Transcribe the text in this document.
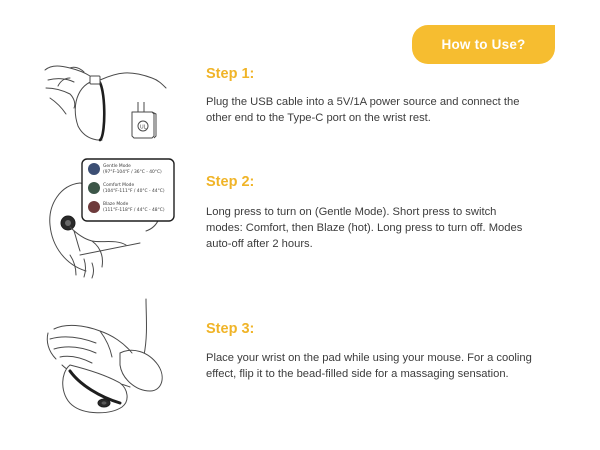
How to Use?
UL
Step 1:

Plug the USB cable into a 5V/1A power source and connect the other end to the Type-C port on the wrist rest.

Gentle Mode
(97°F-104°F / 36°C - 40°C)
Comfort Mode
(104°F-111°F / 40°C - 44°C)
Blaze Mode
(111°F-118°F / 44°C - 48°C)
Step 2:

Long press to turn on (Gentle Mode). Short press to switch modes: Comfort, then Blaze (hot). Long press to turn off. Modes auto-off after 2 hours.

Step 3:

Place your wrist on the pad while using your mouse. For a cooling effect, flip it to the bead-filled side for a massaging sensation.
